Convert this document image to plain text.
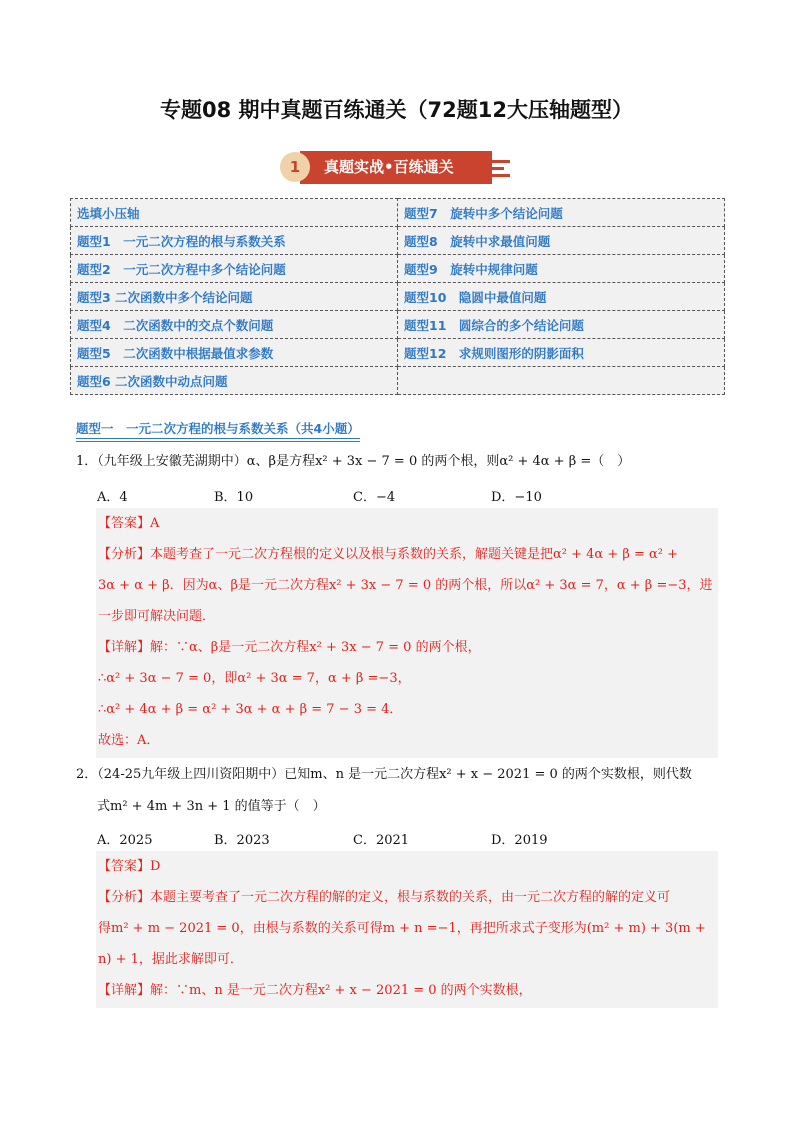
专题08 期中真题百练通关（72题12大压轴题型）
真题实战•百练通关
1
选填小压轴	题型7　旋转中多个结论问题
题型1　一元二次方程的根与系数关系	题型8　旋转中求最值问题
题型2　一元二次方程中多个结论问题	题型9　旋转中规律问题
题型3 二次函数中多个结论问题	题型10　隐圆中最值问题
题型4　二次函数中的交点个数问题	题型11　圆综合的多个结论问题
题型5　二次函数中根据最值求参数	题型12　求规则图形的阴影面积
题型6 二次函数中动点问题	
题型一　一元二次方程的根与系数关系（共4小题）
1．（九年级上安徽芜湖期中）α、β是方程x² + 3x − 7 = 0 的两个根，则α² + 4α + β =（　）
A．4	B．10	C．−4	D．−10

【答案】A

【分析】本题考查了一元二次方程根的定义以及根与系数的关系，解题关键是把α² + 4α + β = α² +

3α + α + β．因为α、β是一元二次方程x² + 3x − 7 = 0 的两个根，所以α² + 3α = 7，α + β =−3，进

一步即可解决问题．

【详解】解：∵α、β是一元二次方程x² + 3x − 7 = 0 的两个根，

∴α² + 3α − 7 = 0，即α² + 3α = 7，α + β =−3，

∴α² + 4α + β = α² + 3α + α + β = 7 − 3 = 4．

故选：A．

2．（24-25九年级上四川资阳期中）已知m、n 是一元二次方程x² + x − 2021 = 0 的两个实数根，则代数
式m² + 4m + 3n + 1 的值等于（　）
A．2025	B．2023	C．2021	D．2019

【答案】D

【分析】本题主要考查了一元二次方程的解的定义，根与系数的关系，由一元二次方程的解的定义可

得m² + m − 2021 = 0，由根与系数的关系可得m + n =−1，再把所求式子变形为(m² + m) + 3(m +

n) + 1，据此求解即可．

【详解】解：∵m、n 是一元二次方程x² + x − 2021 = 0 的两个实数根，
